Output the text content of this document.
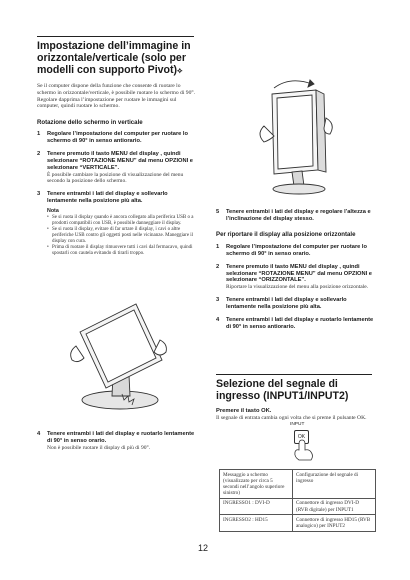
Impostazione dell’immagine in orizzontale/verticale (solo per modelli con supporto Pivot)⟡

Se il computer dispone della funzione che consente di ruotare lo schermo in orizzontale/verticale, è possibile ruotare lo schermo di 90°.

Regolare dapprima l’impostazione per ruotare le immagini sul computer, quindi ruotare lo schermo.

Rotazione dello schermo in verticale

1	Regolare l’impostazione del computer per ruotare lo schermo di 90° in senso antiorario.
2	Tenere premuto il tasto MENU del display , quindi selezionare “ROTAZIONE MENU” dal menu OPZIONI e selezionare “VERTICALE”.
È possibile cambiare la posizione di visualizzazione del menu secondo la posizione dello schermo.
3	Tenere entrambi i lati del display e sollevarlo lentamente nella posizione più alta.

Nota

• Se si ruota il display quando è ancora collegato alla periferica USB o a prodotti compatibili con USB, è possibile danneggiare il display.
• Se si ruota il display, evitare di far urtare il display, i cavi o altre periferiche USB contro gli oggetti posti nelle vicinanze. Maneggiare il display con cura.
• Prima di ruotare il display rimuovere tutti i cavi dal fermacavo, quindi spostarli con cautela evitando di tirarli troppo.
4	Tenere entrambi i lati del display e ruotarlo lentamente di 90° in senso orario.
Non è possibile ruotare il display di più di 90°.
5	Tenere entrambi i lati del display e regolare l’altezza e l’inclinazione del display stesso.

Per riportare il display alla posizione orizzontale

1	Regolare l’impostazione del computer per ruotare lo schermo di 90° in senso orario.
2	Tenere premuto il tasto MENU del display , quindi selezionare “ROTAZIONE MENU” dal menu OPZIONI e selezionare “ORIZZONTALE”.
Riportare la visualizzazione del menu alla posizione orizzontale.
3	Tenere entrambi i lati del display e sollevarlo lentamente nella posizione più alta.
4	Tenere entrambi i lati del display e ruotarlo lentamente di 90° in senso antiorario.

Selezione del segnale di ingresso (INPUT1/INPUT2)

Premere il tasto OK.

Il segnale di entrata cambia ogni volta che si preme il pulsante OK.

INPUT
OK
Messaggio a schermo (visualizzato per circa 5 secondi nell’angolo superiore sinistro)	Configurazione del segnale di ingresso
INGRESSO1 : DVI-D	Connettore di ingresso DVI-D (RVB digitale) per INPUT1
INGRESSO2 : HD15	Connettore di ingresso HD15 (RVB analogico) per INPUT2
12
